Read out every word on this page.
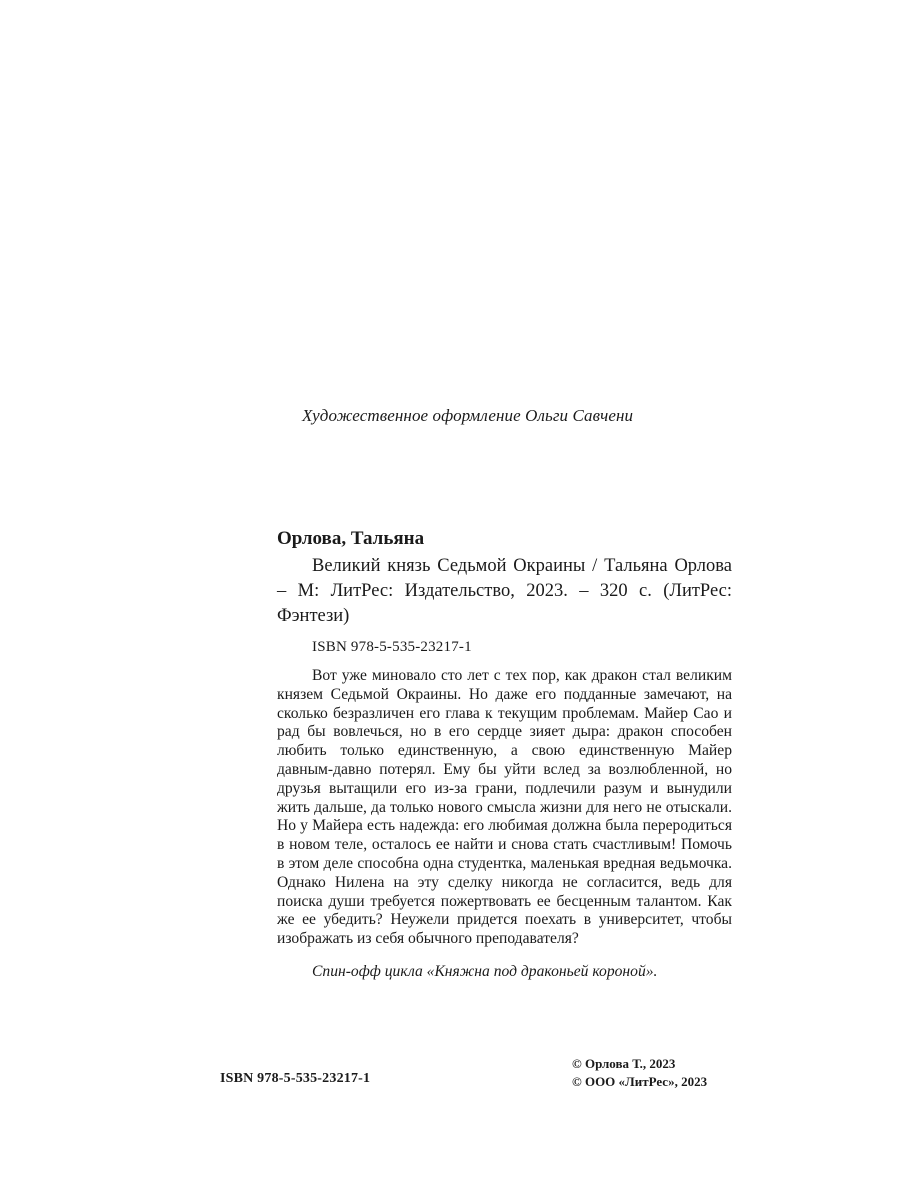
Художественное оформление Ольги Савчени
Орлова, Тальяна

Великий князь Седьмой Окраины / Тальяна Орлова – М: ЛитРес: Издательство, 2023. – 320 с. (ЛитРес: Фэнтези)

ISBN 978-5-535-23217-1

Вот уже миновало сто лет с тех пор, как дракон стал великим князем Седьмой Окраины. Но даже его подданные замечают, на сколько безразличен его глава к текущим проблемам. Майер Сао и рад бы вовлечься, но в его сердце зияет дыра: дракон способен любить только единственную, а свою единственную Майер давным-давно потерял. Ему бы уйти вслед за возлюбленной, но друзья вытащили его из-за грани, подлечили разум и вынудили жить дальше, да только нового смысла жизни для него не отыскали. Но у Майера есть надежда: его любимая должна была переродиться в новом теле, осталось ее найти и снова стать счастливым! Помочь в этом деле способна одна студентка, маленькая вредная ведьмочка. Однако Нилена на эту сделку никогда не согласится, ведь для поиска души требуется пожертвовать ее бесценным талантом. Как же ее убедить? Неужели придется поехать в университет, чтобы изображать из себя обычного преподавателя?

Спин-офф цикла «Княжна под драконьей короной».

ISBN 978-5-535-23217-1
© Орлова Т., 2023
© ООО «ЛитРес», 2023
